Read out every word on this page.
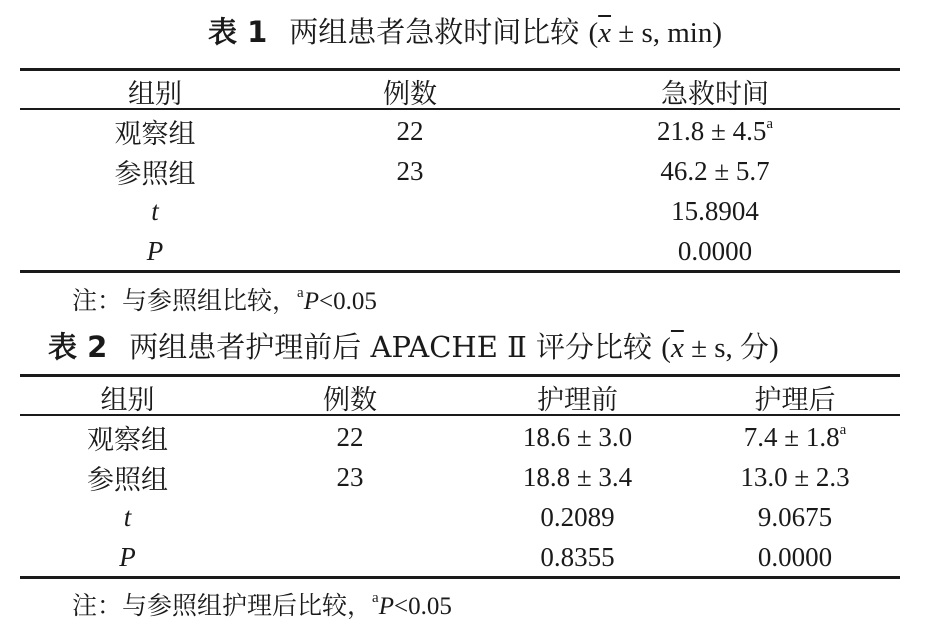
表 1 两组患者急救时间比较 ($\overline{x} \pm s$, min)
组别	例数	急救时间
观察组	22	21.8 ± 4.5$^a$
参照组	23	46.2 ± 5.7
t		15.8904
P		0.0000
注：与参照组比较，$^a$P<0.05
表 2 两组患者护理前后 APACHE Ⅱ 评分比较 ($\overline{x} \pm s$, 分)
组别	例数	护理前	护理后
观察组	22	18.6 ± 3.0	7.4 ± 1.8$^a$
参照组	23	18.8 ± 3.4	13.0 ± 2.3
t		0.2089	9.0675
P		0.8355	0.0000
注：与参照组护理后比较，$^a$P<0.05
